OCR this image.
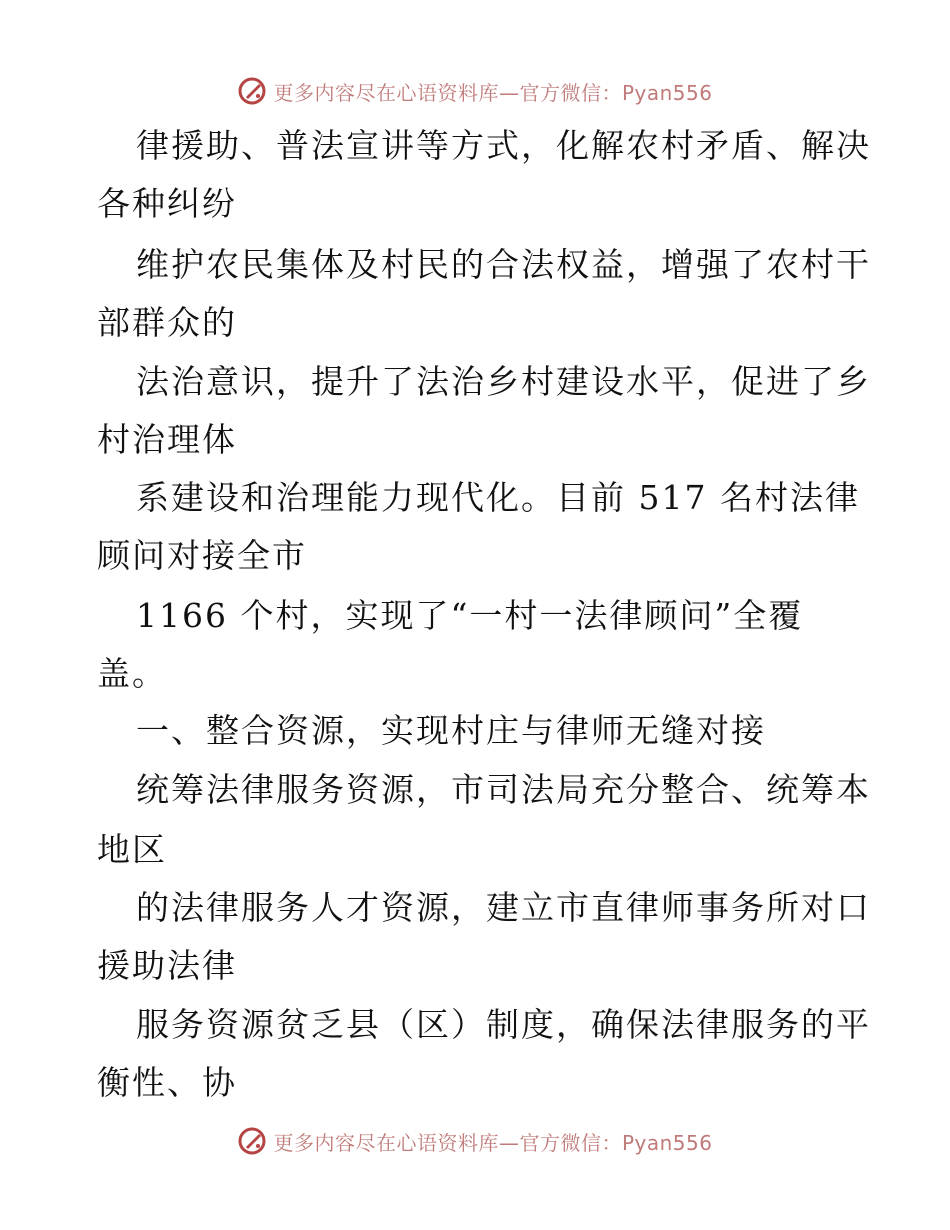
更多内容尽在心语资料库—官方微信：Pyan556
律援助、普法宣讲等方式，化解农村矛盾、解决
各种纠纷
维护农民集体及村民的合法权益，增强了农村干
部群众的
法治意识，提升了法治乡村建设水平，促进了乡
村治理体
系建设和治理能力现代化。目前 517 名村法律
顾问对接全市
1166 个村，实现了“一村一法律顾问”全覆
盖。
一、整合资源，实现村庄与律师无缝对接
统筹法律服务资源，市司法局充分整合、统筹本
地区
的法律服务人才资源，建立市直律师事务所对口
援助法律
服务资源贫乏县（区）制度，确保法律服务的平
衡性、协
更多内容尽在心语资料库—官方微信：Pyan556
